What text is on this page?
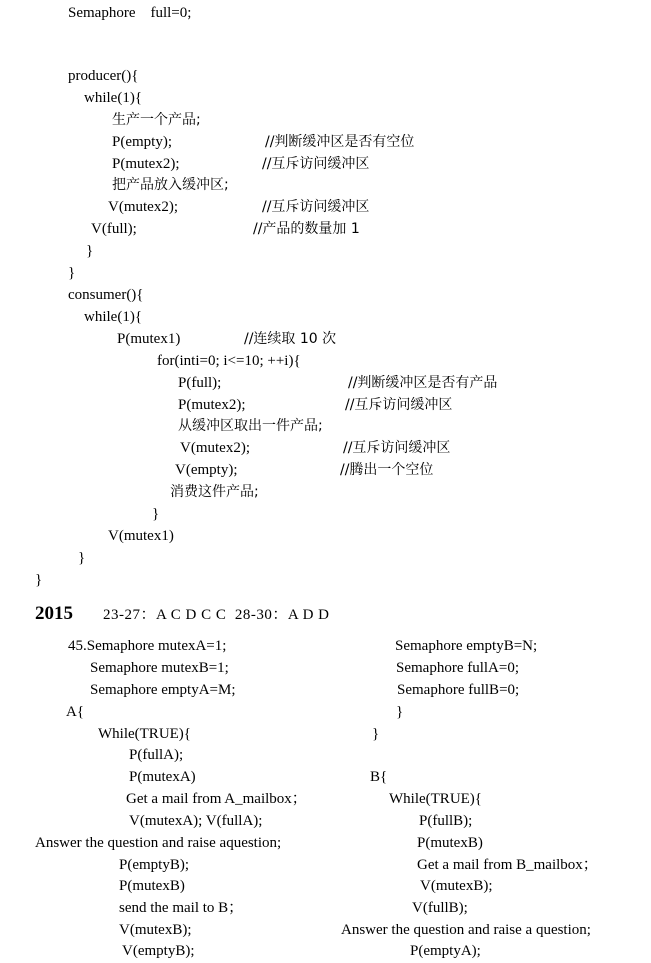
Semaphore    full=0;
producer(){
while(1){
生产一个产品;
P(empty);	//判断缓冲区是否有空位
P(mutex2);	//互斥访问缓冲区
把产品放入缓冲区;
V(mutex2);	//互斥访问缓冲区
V(full);	//产品的数量加 1
}
}
consumer(){
while(1){
P(mutex1)	//连续取 10 次
for(inti=0; i<=10; ++i){
P(full);	//判断缓冲区是否有产品
P(mutex2);	//互斥访问缓冲区
从缓冲区取出一件产品;
V(mutex2);	//互斥访问缓冲区
V(empty);	//腾出一个空位
消费这件产品;
}
V(mutex1)
}
}
2015 23-27：A C D C C  28-30：A D D
45.Semaphore mutexA=1;
Semaphore mutexB=1;
Semaphore emptyA=M;
A{
While(TRUE){
P(fullA);
P(mutexA)
Get a mail from A_mailbox；
V(mutexA); V(fullA);
Answer the question and raise aquestion;
P(emptyB);
P(mutexB)
send the mail to B；
V(mutexB);
V(emptyB);
Semaphore emptyB=N;
Semaphore fullA=0;
Semaphore fullB=0;
}
}
B{
While(TRUE){
P(fullB);
P(mutexB)
Get a mail from B_mailbox；
V(mutexB);
V(fullB);
Answer the question and raise a question;
P(emptyA);
